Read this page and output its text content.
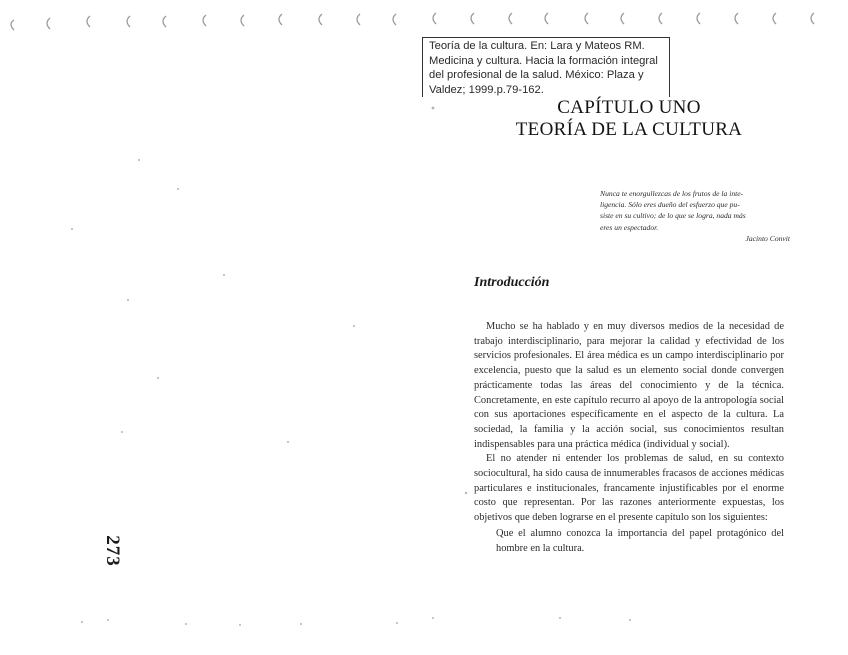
Teoría de la cultura. En: Lara y Mateos RM.
Medicina y cultura. Hacia la formación integral
del profesional de la salud. México: Plaza y
Valdez; 1999.p.79-162.
CAPÍTULO UNO
TEORÍA DE LA CULTURA
Nunca te enorgullezcas de los frutos de la inte-
ligencia. Sólo eres dueño del esfuerzo que pu-
siste en su cultivo; de lo que se logra, nada más
eres un espectador.
Jacinto Convit
Introducción

Mucho se ha hablado y en muy diversos medios de la necesidad de trabajo interdisciplinario, para mejorar la calidad y efectividad de los servicios profesionales. El área médica es un campo interdisciplinario por excelencia, puesto que la salud es un elemento social donde convergen prácticamente todas las áreas del conocimiento y de la técnica. Concretamente, en este capítulo recurro al apoyo de la antropología social con sus aportaciones específicamente en el aspecto de la cultura. La sociedad, la familia y la acción social, sus conocimientos resultan indispensables para una práctica médica (individual y social).

El no atender ni entender los problemas de salud, en su contexto sociocultural, ha sido causa de innumerables fracasos de acciones médicas particulares e institucionales, francamente injustificables por el enorme costo que representan. Por las razones anteriormente expuestas, los objetivos que deben lograrse en el presente capítulo son los siguientes:

Que el alumno conozca la importancia del papel protagónico del hombre en la cultura.

273
